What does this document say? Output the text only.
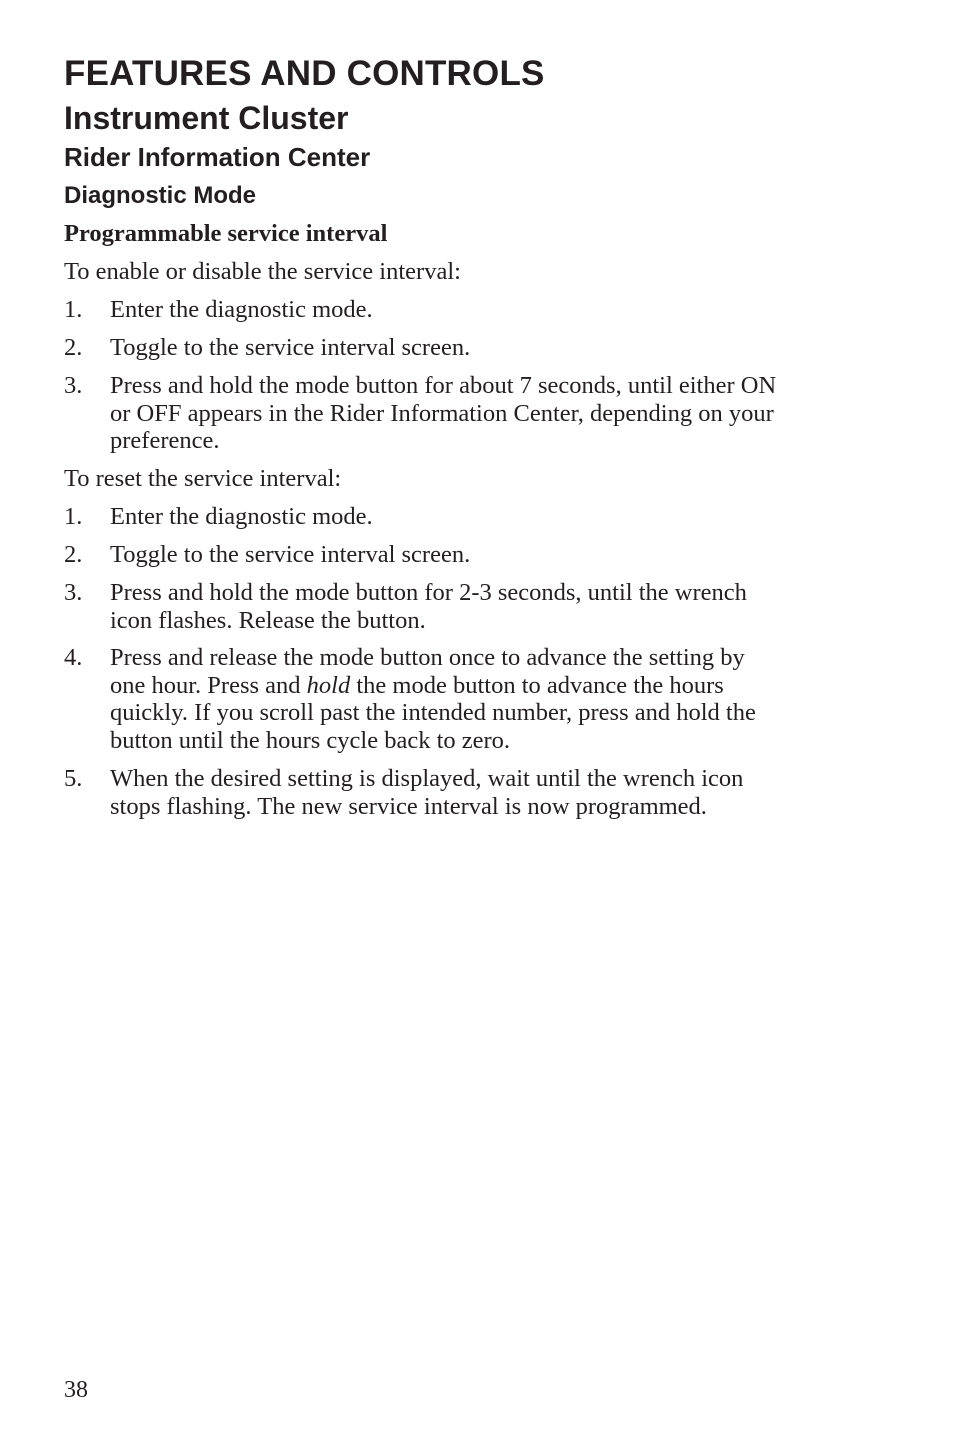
FEATURES AND CONTROLS
Instrument Cluster
Rider Information Center
Diagnostic Mode
Programmable service interval

To enable or disable the service interval:

1.	Enter the diagnostic mode.
2.	Toggle to the service interval screen.
3.	Press and hold the mode button for about 7 seconds, until either ON
or OFF appears in the Rider Information Center, depending on your
preference.

To reset the service interval:

1.	Enter the diagnostic mode.
2.	Toggle to the service interval screen.
3.	Press and hold the mode button for 2-3 seconds, until the wrench
icon flashes. Release the button.
4.	Press and release the mode button once to advance the setting by
one hour. Press and hold the mode button to advance the hours
quickly. If you scroll past the intended number, press and hold the
button until the hours cycle back to zero.
5.	When the desired setting is displayed, wait until the wrench icon
stops flashing. The new service interval is now programmed.
38
